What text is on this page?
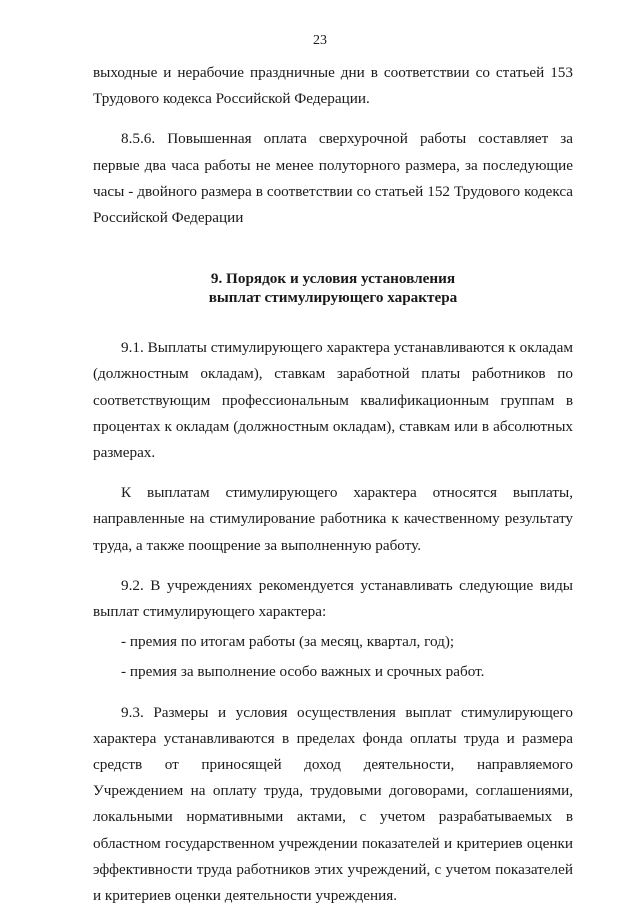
23

выходные и нерабочие праздничные дни в соответствии со статьей 153 Трудового кодекса Российской Федерации.

8.5.6. Повышенная оплата сверхурочной работы составляет за первые два часа работы не менее полуторного размера, за последующие часы - двойного размера в соответствии со статьей 152 Трудового кодекса Российской Федерации

9. Порядок и условия установления
выплат стимулирующего характера

9.1. Выплаты стимулирующего характера устанавливаются к окладам (должностным окладам), ставкам заработной платы работников по соответствующим профессиональным квалификационным группам в процентах к окладам (должностным окладам), ставкам или в абсолютных размерах.

К выплатам стимулирующего характера относятся выплаты, направленные на стимулирование работника к качественному результату труда, а также поощрение за выполненную работу.

9.2. В учреждениях рекомендуется устанавливать следующие виды выплат стимулирующего характера:

- премия по итогам работы (за месяц, квартал, год);

- премия за выполнение особо важных и срочных работ.

9.3. Размеры и условия осуществления выплат стимулирующего характера устанавливаются в пределах фонда оплаты труда и размера средств от приносящей доход деятельности, направляемого Учреждением на оплату труда, трудовыми договорами, соглашениями, локальными нормативными актами, с учетом разрабатываемых в областном государственном учреждении показателей и критериев оценки эффективности труда работников этих учреждений, с учетом показателей и критериев оценки деятельности учреждения.
